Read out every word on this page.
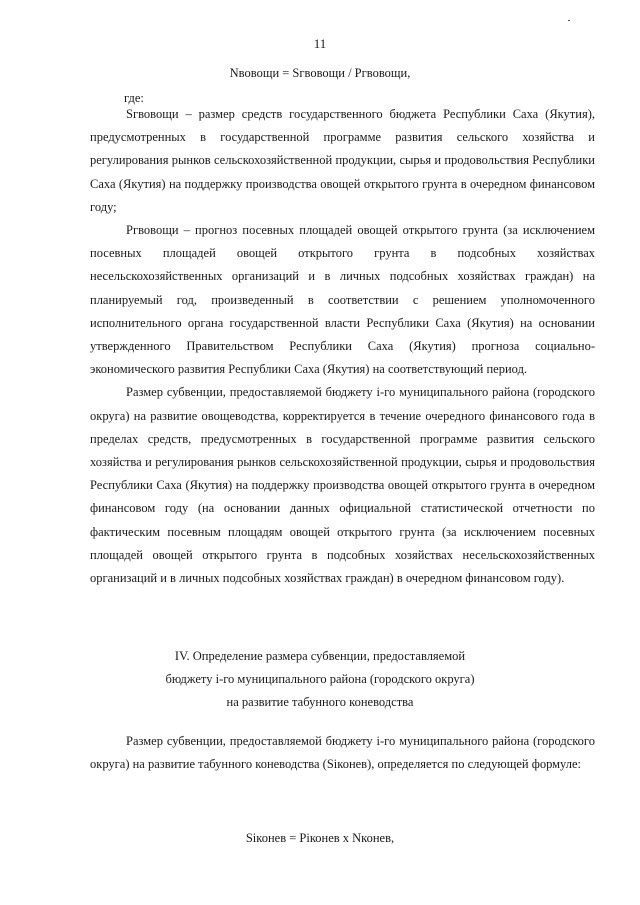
11
Nвовощи = Sгвовощи / Pгвовощи,
где:

Sгвовощи – размер средств государственного бюджета Республики Саха (Якутия), предусмотренных в государственной программе развития сельского хозяйства и регулирования рынков сельскохозяйственной продукции, сырья и продовольствия Республики Саха (Якутия) на поддержку производства овощей открытого грунта в очередном финансовом году;

Pгвовощи – прогноз посевных площадей овощей открытого грунта (за исключением посевных площадей овощей открытого грунта в подсобных хозяйствах несельскохозяйственных организаций и в личных подсобных хозяйствах граждан) на планируемый год, произведенный в соответствии с решением уполномоченного исполнительного органа государственной власти Республики Саха (Якутия) на основании утвержденного Правительством Республики Саха (Якутия) прогноза социально-экономического развития Республики Саха (Якутия) на соответствующий период.

Размер субвенции, предоставляемой бюджету i-го муниципального района (городского округа) на развитие овощеводства, корректируется в течение очередного финансового года в пределах средств, предусмотренных в государственной программе развития сельского хозяйства и регулирования рынков сельскохозяйственной продукции, сырья и продовольствия Республики Саха (Якутия) на поддержку производства овощей открытого грунта в очередном финансовом году (на основании данных официальной статистической отчетности по фактическим посевным площадям овощей открытого грунта (за исключением посевных площадей овощей открытого грунта в подсобных хозяйствах несельскохозяйственных организаций и в личных подсобных хозяйствах граждан) в очередном финансовом году).

IV. Определение размера субвенции, предоставляемой
бюджету i-го муниципального района (городского округа)
на развитие табунного коневодства

Размер субвенции, предоставляемой бюджету i-го муниципального района (городского округа) на развитие табунного коневодства (Siконев), определяется по следующей формуле:

Siконев = Piконев х Nконев,
